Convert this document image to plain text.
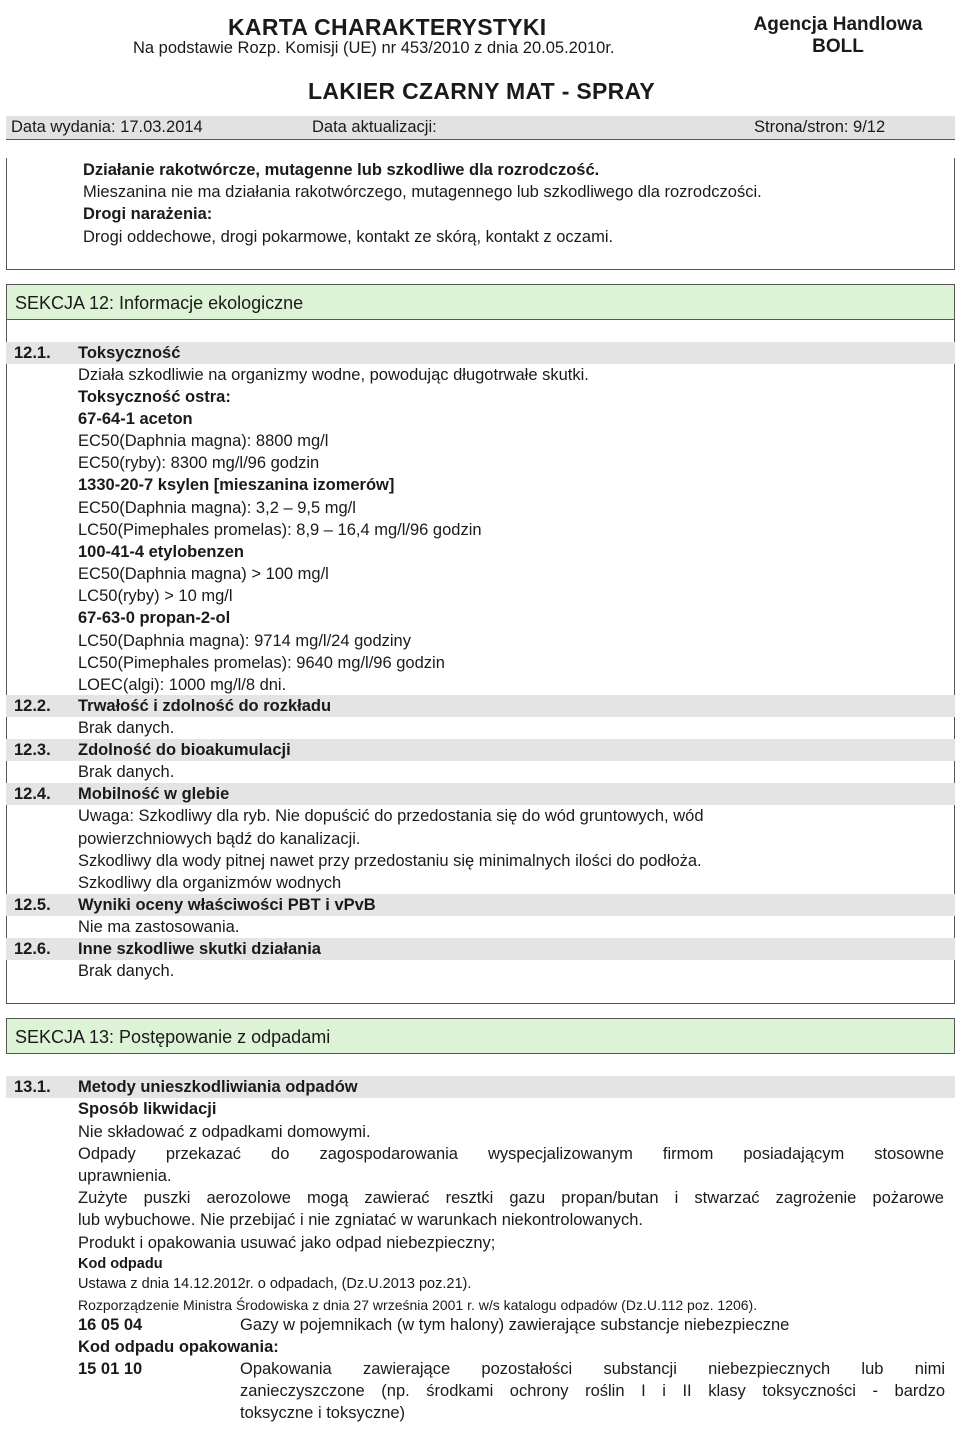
KARTA CHARAKTERYSTYKI
Na podstawie Rozp. Komisji (UE) nr 453/2010 z dnia 20.05.2010r.
Agencja Handlowa
BOLL
LAKIER CZARNY MAT - SPRAY
Data wydania: 17.03.2014	Data aktualizacji:	Strona/stron: 9/12
Działanie rakotwórcze, mutagenne lub szkodliwe dla rozrodczość.
Mieszanina nie ma działania rakotwórczego, mutagennego lub szkodliwego dla rozrodczości.
Drogi narażenia:
Drogi oddechowe, drogi pokarmowe, kontakt ze skórą, kontakt z oczami.
SEKCJA 12: Informacje ekologiczne
12.1. Toksyczność
Działa szkodliwie na organizmy wodne, powodując długotrwałe skutki.
Toksyczność ostra:
67-64-1 aceton
EC50(Daphnia magna): 8800 mg/l
EC50(ryby): 8300 mg/l/96 godzin
1330-20-7 ksylen [mieszanina izomerów]
EC50(Daphnia magna): 3,2 – 9,5 mg/l
LC50(Pimephales promelas): 8,9 – 16,4 mg/l/96 godzin
100-41-4 etylobenzen
EC50(Daphnia magna) > 100 mg/l
LC50(ryby) > 10 mg/l
67-63-0 propan-2-ol
LC50(Daphnia magna): 9714 mg/l/24 godziny
LC50(Pimephales promelas): 9640 mg/l/96 godzin
LOEC(algi): 1000 mg/l/8 dni.
12.2. Trwałość i zdolność do rozkładu
Brak danych.
12.3. Zdolność do bioakumulacji
Brak danych.
12.4. Mobilność w glebie
Uwaga: Szkodliwy dla ryb. Nie dopuścić do przedostania się do wód gruntowych, wód
powierzchniowych bądź do kanalizacji.
Szkodliwy dla wody pitnej nawet przy przedostaniu się minimalnych ilości do podłoża.
Szkodliwy dla organizmów wodnych
12.5. Wyniki oceny właściwości PBT i vPvB
Nie ma zastosowania.
12.6. Inne szkodliwe skutki działania
Brak danych.
SEKCJA 13: Postępowanie z odpadami
13.1. Metody unieszkodliwiania odpadów
Sposób likwidacji
Nie składować z odpadkami domowymi.
Odpady przekazać do zagospodarowania wyspecjalizowanym firmom posiadającym stosowne
uprawnienia.
Zużyte puszki aerozolowe mogą zawierać resztki gazu propan/butan i stwarzać zagrożenie pożarowe
lub wybuchowe. Nie przebijać i nie zgniatać w warunkach niekontrolowanych.
Produkt i opakowania usuwać jako odpad niebezpieczny;
Kod odpadu
Ustawa z dnia 14.12.2012r. o odpadach, (Dz.U.2013 poz.21).
Rozporządzenie Ministra Środowiska z dnia 27 września 2001 r. w/s katalogu odpadów (Dz.U.112 poz. 1206).
16 05 04	Gazy w pojemnikach (w tym halony) zawierające substancje niebezpieczne
Kod odpadu opakowania:
15 01 10	Opakowania zawierające pozostałości substancji niebezpiecznych lub nimi
zanieczyszczone (np. środkami ochrony roślin I i II klasy toksyczności - bardzo
toksyczne i toksyczne)
